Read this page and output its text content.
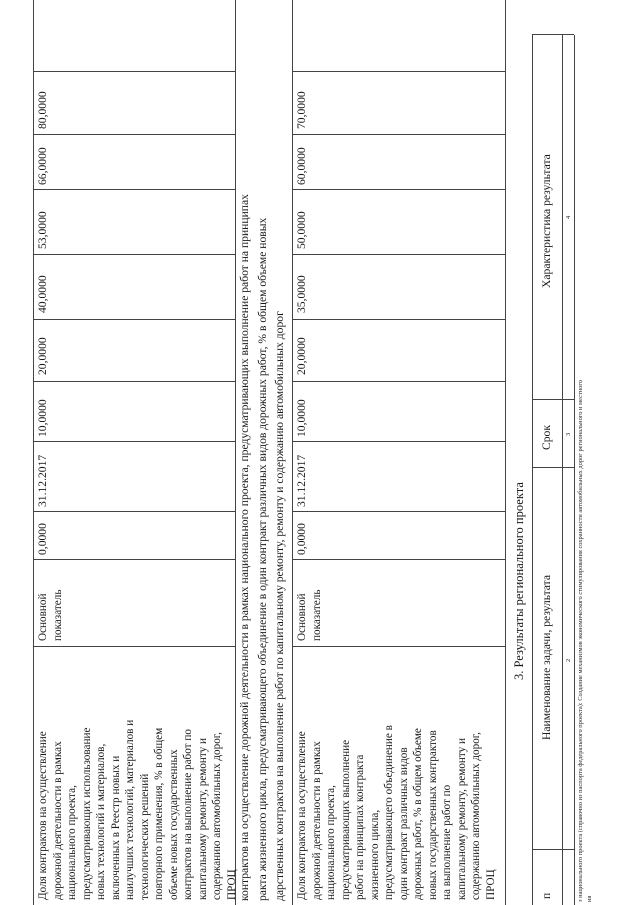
Доля контрактов на осуществление
дорожной деятельности в рамках
национального проекта,
предусматривающих использование
новых технологий и материалов,
включенных в Реестр новых и
наилучших технологий, материалов и
технологических решений
повторного применения, % в общем
объеме новых государственных
контрактов на выполнение работ по
капитальному ремонту, ремонту и
содержанию автомобильных дорог,
ПРОЦ
Основной
показатель
0,0000
31.12.2017
10,0000
20,0000
40,0000
53,0000
66,0000
80,0000
контрактов на осуществление дорожной деятельности в рамках национального проекта, предусматривающих выполнение работ на принципах ракта жизненного цикла, предусматривающего объединение в один контракт различных видов дорожных работ, % в общем объеме новых дарственных контрактов на выполнение работ по капитальному ремонту, ремонту и содержанию автомобильных дорог Доля контрактов на осуществление
дорожной деятельности в рамках
национального проекта,
предусматривающих выполнение
работ на принципах контракта
жизненного цикла,
предусматривающего объединение в
один контракт различных видов
дорожных работ, % в общем объеме
новых государственных контрактов
на выполнение работ по
капитальному ремонту, ремонту и
содержанию автомобильных дорог,
ПРОЦ
Основной
показатель
0,0000
31.12.2017
10,0000
20,0000
35,0000
50,0000
60,0000
70,0000
3. Результаты регионального проекта
п
Наименование задачи, результата
Срок
Характеристика результата
2
3
4
з национального проекта (справочно из паспорта федерального проекта): Создание механизмов экономического стимулирования сохранности автомобильных дорог регионального и местного ия
